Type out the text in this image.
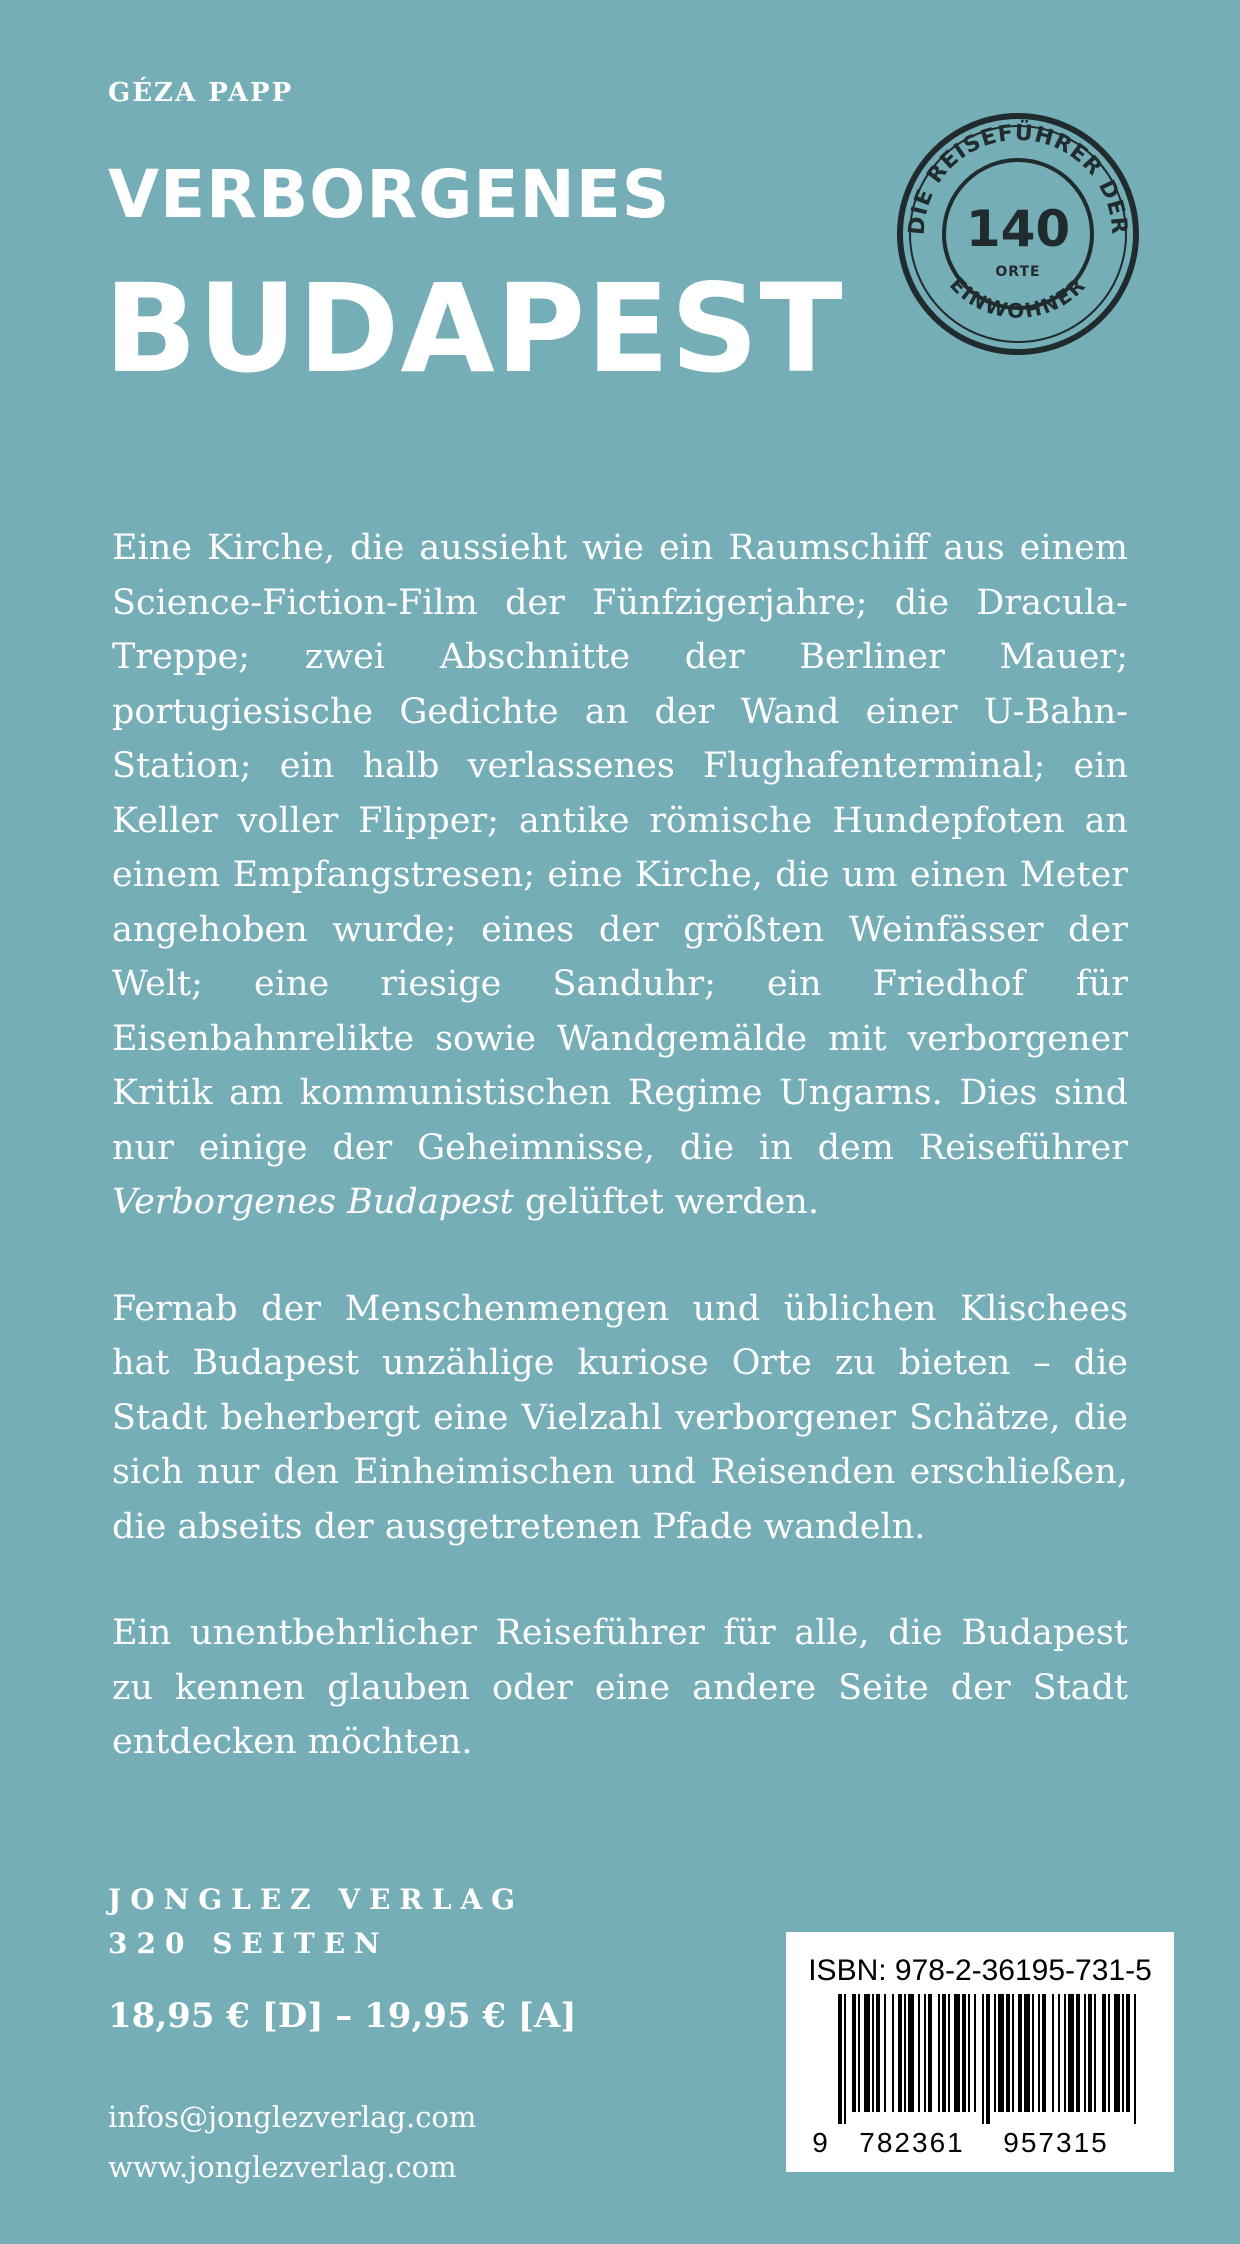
GÉZA PAPP
VERBORGENES
BUDAPEST
DIE REISEFÜHRER DER
EINWOHNER
140
ORTE

Eine Kirche, die aussieht wie ein Raumschiff aus einem Science-Fiction-Film der Fünfzigerjahre; die Dracula-Treppe; zwei Abschnitte der Berliner Mauer; portugiesische Gedichte an der Wand einer U-Bahn-Station; ein halb verlassenes Flughafenterminal; ein Keller voller Flipper; antike römische Hundepfoten an einem Empfangstresen; eine Kirche, die um einen Meter angehoben wurde; eines der größten Weinfässer der Welt; eine riesige Sanduhr; ein Friedhof für Eisenbahnrelikte sowie Wandgemälde mit verborgener Kritik am kommunistischen Regime Ungarns. Dies sind nur einige der Geheimnisse, die in dem Reiseführer Verborgenes Budapest gelüftet werden.

Fernab der Menschenmengen und üblichen Klischees hat Budapest unzählige kuriose Orte zu bieten – die Stadt beherbergt eine Vielzahl verborgener Schätze, die sich nur den Einheimischen und Reisenden erschließen, die abseits der ausgetretenen Pfade wandeln.

Ein unentbehrlicher Reiseführer für alle, die Budapest zu kennen glauben oder eine andere Seite der Stadt entdecken möchten.

JONGLEZ VERLAG
320 SEITEN
18,95 € [D] – 19,95 € [A]
infos@jonglezverlag.com
www.jonglezverlag.com
ISBN: 978-2-36195-731-5
9 782361 957315
